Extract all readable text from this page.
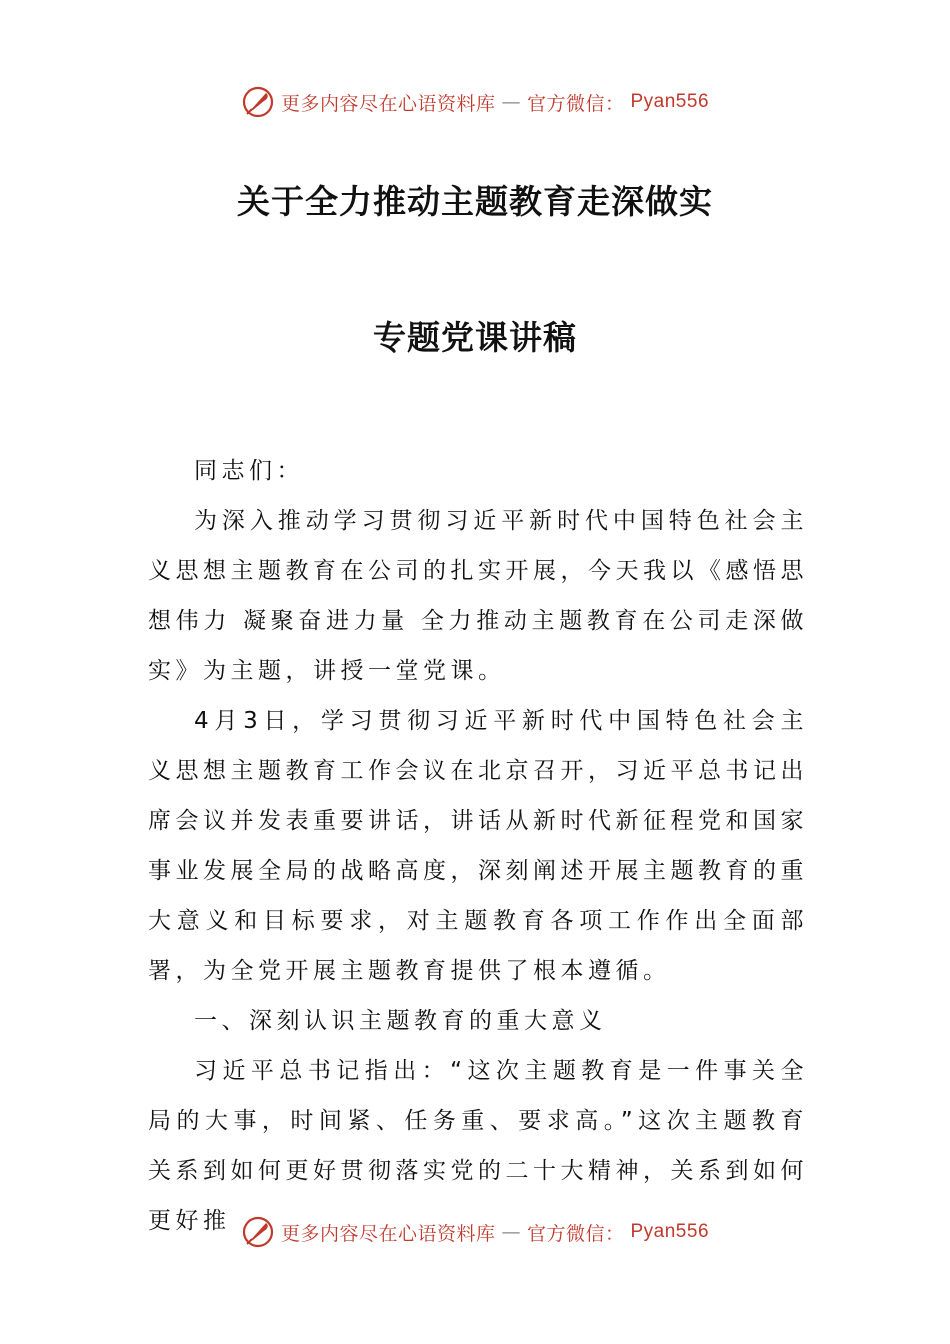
更多内容尽在心语资料库 — 官方微信： Pyan556
关于全力推动主题教育走深做实
专题党课讲稿

同志们：

为深入推动学习贯彻习近平新时代中国特色社会主义思想主题教育在公司的扎实开展，今天我以《感悟思想伟力 凝聚奋进力量 全力推动主题教育在公司走深做实》为主题，讲授一堂党课。

4月3日，学习贯彻习近平新时代中国特色社会主义思想主题教育工作会议在北京召开，习近平总书记出席会议并发表重要讲话，讲话从新时代新征程党和国家事业发展全局的战略高度，深刻阐述开展主题教育的重大意义和目标要求，对主题教育各项工作作出全面部署，为全党开展主题教育提供了根本遵循。

一、深刻认识主题教育的重大意义

习近平总书记指出：“这次主题教育是一件事关全局的大事，时间紧、任务重、要求高。”这次主题教育关系到如何更好贯彻落实党的二十大精神，关系到如何更好推	更多内容尽在心语资料库 — 官方微信： Pyan556
